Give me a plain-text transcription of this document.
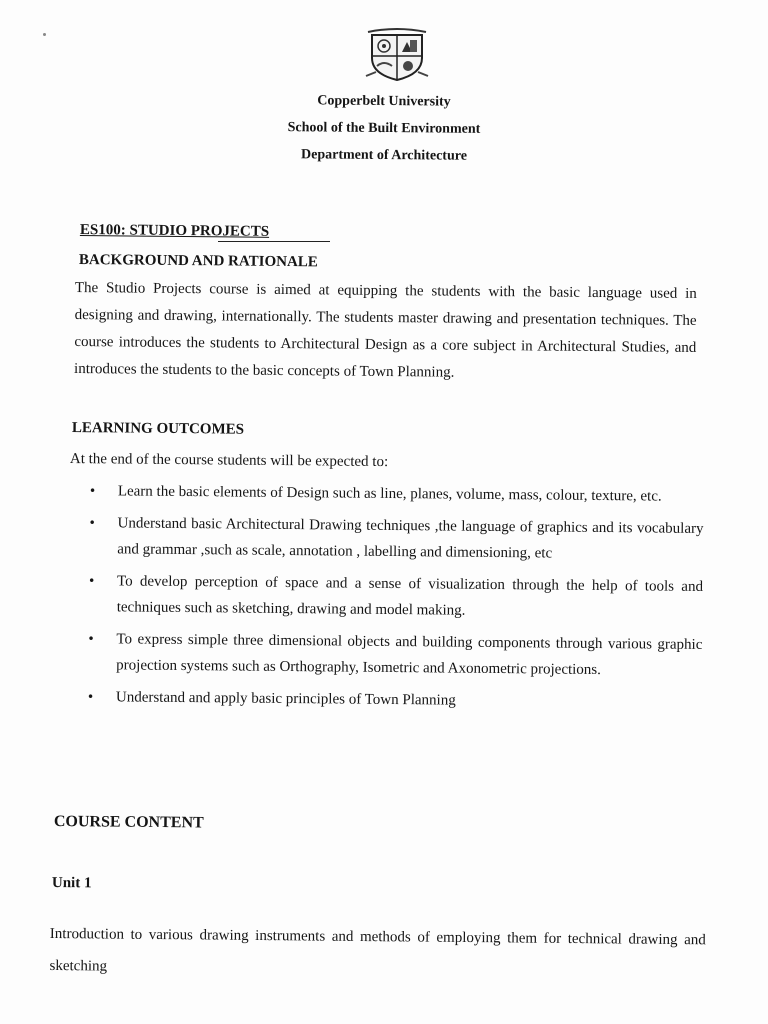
Copperbelt University
School of the Built Environment
Department of Architecture
ES100: STUDIO PROJECTS
BACKGROUND AND RATIONALE
The Studio Projects course is aimed at equipping the students with the basic language used in designing and drawing, internationally. The students master drawing and presentation techniques. The course introduces the students to Architectural Design as a core subject in Architectural Studies, and introduces the students to the basic concepts of Town Planning.
LEARNING OUTCOMES
At the end of the course students will be expected to:
• Learn the basic elements of Design such as line, planes, volume, mass, colour, texture, etc.
• Understand basic Architectural Drawing techniques ,the language of graphics and its vocabulary and grammar ,such as scale, annotation , labelling and dimensioning, etc
• To develop perception of space and a sense of visualization through the help of tools and techniques such as sketching, drawing and model making.
• To express simple three dimensional objects and building components through various graphic projection systems such as Orthography, Isometric and Axonometric projections.
• Understand and apply basic principles of Town Planning
COURSE CONTENT
Unit 1
Introduction to various drawing instruments and methods of employing them for technical drawing and sketching
